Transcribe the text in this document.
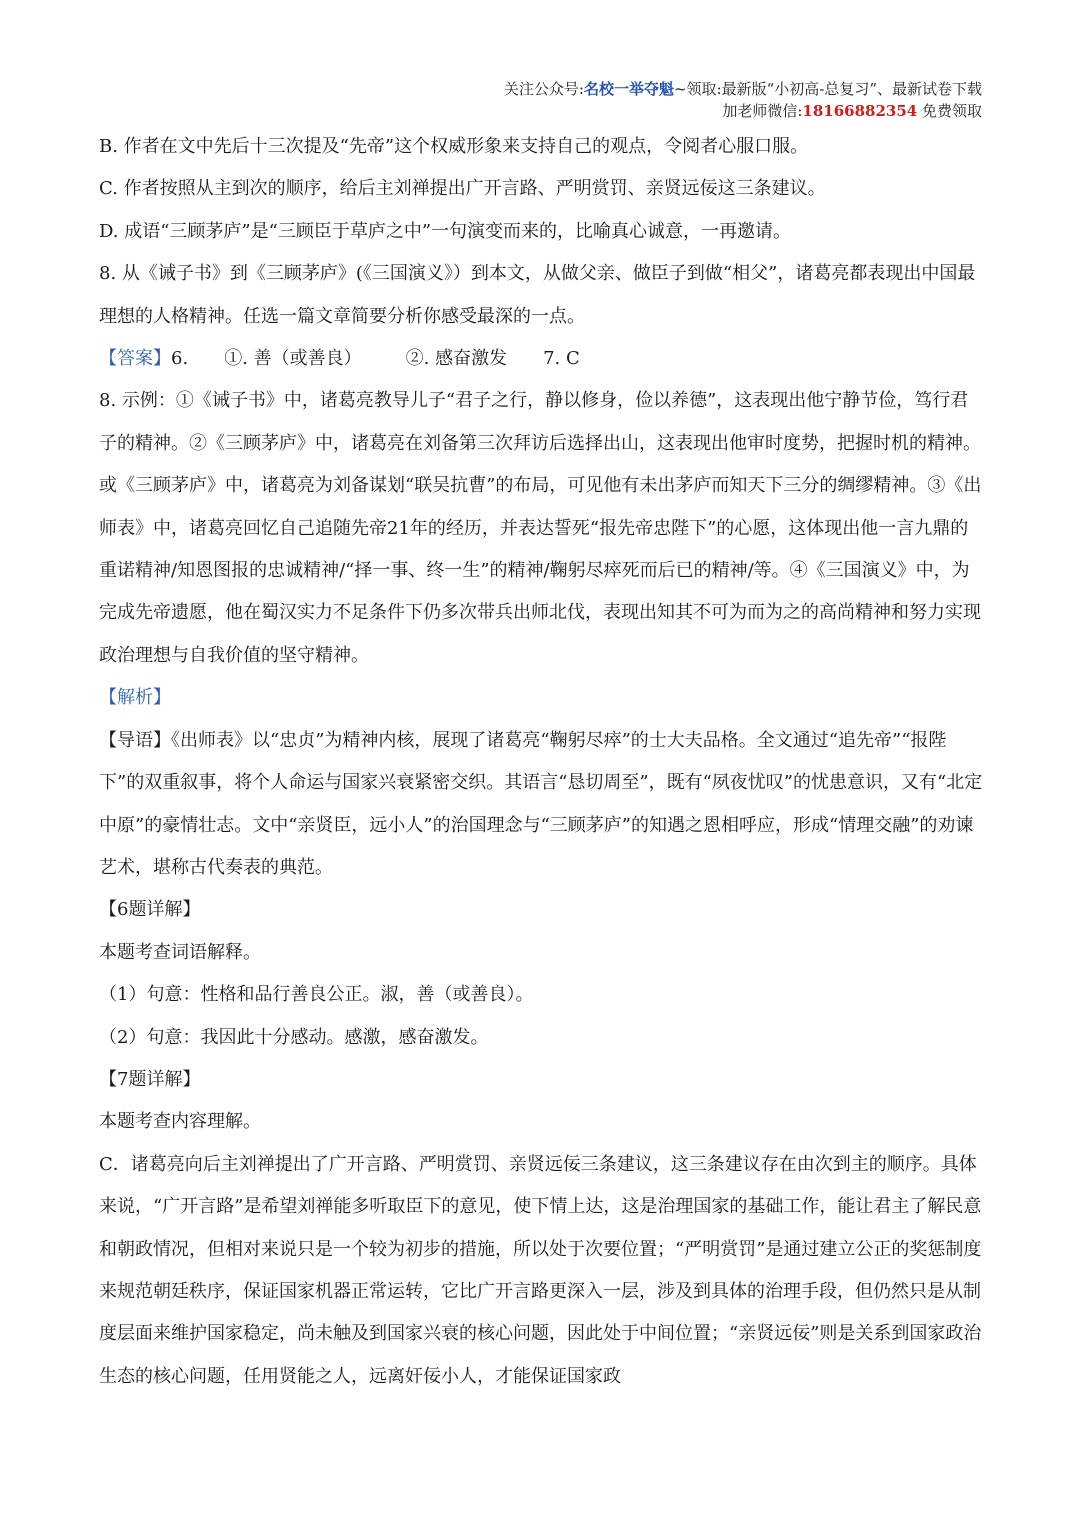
关注公众号:名校一举夺魁~领取:最新版“小初高-总复习”、最新试卷下载
加老师微信:18166882354 免费领取

B. 作者在文中先后十三次提及“先帝”这个权威形象来支持自己的观点，令阅者心服口服。

C. 作者按照从主到次的顺序，给后主刘禅提出广开言路、严明赏罚、亲贤远佞这三条建议。

D. 成语“三顾茅庐”是“三顾臣于草庐之中”一句演变而来的，比喻真心诚意，一再邀请。

8. 从《诫子书》到《三顾茅庐》(《三国演义》）到本文，从做父亲、做臣子到做“相父”，诸葛亮都表现出中国最理想的人格精神。任选一篇文章简要分析你感受最深的一点。

【答案】6. ①. 善（或善良） ②. 感奋激发 7. C

8. 示例：①《诫子书》中，诸葛亮教导儿子“君子之行，静以修身，俭以养德”，这表现出他宁静节俭，笃行君子的精神。②《三顾茅庐》中，诸葛亮在刘备第三次拜访后选择出山，这表现出他审时度势，把握时机的精神。或《三顾茅庐》中，诸葛亮为刘备谋划“联吴抗曹”的布局，可见他有未出茅庐而知天下三分的绸缪精神。③《出师表》中，诸葛亮回忆自己追随先帝21年的经历，并表达誓死“报先帝忠陛下”的心愿，这体现出他一言九鼎的重诺精神/知恩图报的忠诚精神/“择一事、终一生”的精神/鞠躬尽瘁死而后已的精神/等。④《三国演义》中，为完成先帝遗愿，他在蜀汉实力不足条件下仍多次带兵出师北伐，表现出知其不可为而为之的高尚精神和努力实现政治理想与自我价值的坚守精神。

【解析】

【导语】《出师表》以“忠贞”为精神内核，展现了诸葛亮“鞠躬尽瘁”的士大夫品格。全文通过“追先帝”“报陛下”的双重叙事，将个人命运与国家兴衰紧密交织。其语言“恳切周至”，既有“夙夜忧叹”的忧患意识，又有“北定中原”的豪情壮志。文中“亲贤臣，远小人”的治国理念与“三顾茅庐”的知遇之恩相呼应，形成“情理交融”的劝谏艺术，堪称古代奏表的典范。

【6题详解】

本题考查词语解释。

（1）句意：性格和品行善良公正。淑，善（或善良）。

（2）句意：我因此十分感动。感激，感奋激发。

【7题详解】

本题考查内容理解。

C．诸葛亮向后主刘禅提出了广开言路、严明赏罚、亲贤远佞三条建议，这三条建议存在由次到主的顺序。具体来说，“广开言路”是希望刘禅能多听取臣下的意见，使下情上达，这是治理国家的基础工作，能让君主了解民意和朝政情况，但相对来说只是一个较为初步的措施，所以处于次要位置；“严明赏罚”是通过建立公正的奖惩制度来规范朝廷秩序，保证国家机器正常运转，它比广开言路更深入一层，涉及到具体的治理手段，但仍然只是从制度层面来维护国家稳定，尚未触及到国家兴衰的核心问题，因此处于中间位置；“亲贤远佞”则是关系到国家政治生态的核心问题，任用贤能之人，远离奸佞小人，才能保证国家政
